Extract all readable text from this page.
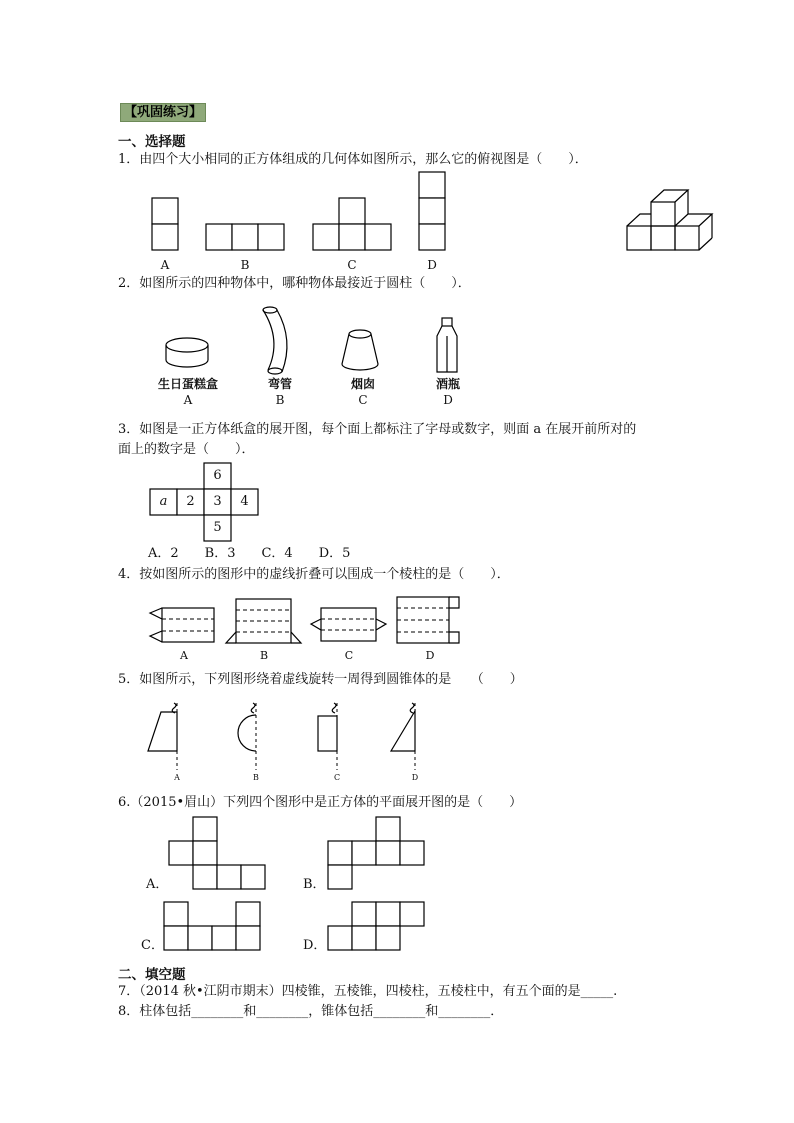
【巩固练习】
一、选择题
1．由四个大小相同的正方体组成的几何体如图所示，那么它的俯视图是（　　）．
A	B	C	D
2．如图所示的四种物体中，哪种物体最接近于圆柱（　　）．
生日蛋糕盒
A
弯管
B
烟囱
C
酒瓶
D
3．如图是一正方体纸盒的展开图，每个面上都标注了字母或数字，则面 a 在展开前所对的
面上的数字是（　　）．
6
a	2	3	4
5
A．2　　B．3　　C．4　　D．5
4．按如图所示的图形中的虚线折叠可以围成一个棱柱的是（　　）．
A	B	C	D
5．如图所示，下列图形绕着虚线旋转一周得到圆锥体的是　　（　　）
A	B	C	D
6.（2015•眉山）下列四个图形中是正方体的平面展开图的是（　　）
A．	B．
C．	D．
二、填空题
7．（2014 秋•江阴市期末）四棱锥，五棱锥，四棱柱，五棱柱中，有五个面的是_____.
8．柱体包括________和________，锥体包括________和________．
